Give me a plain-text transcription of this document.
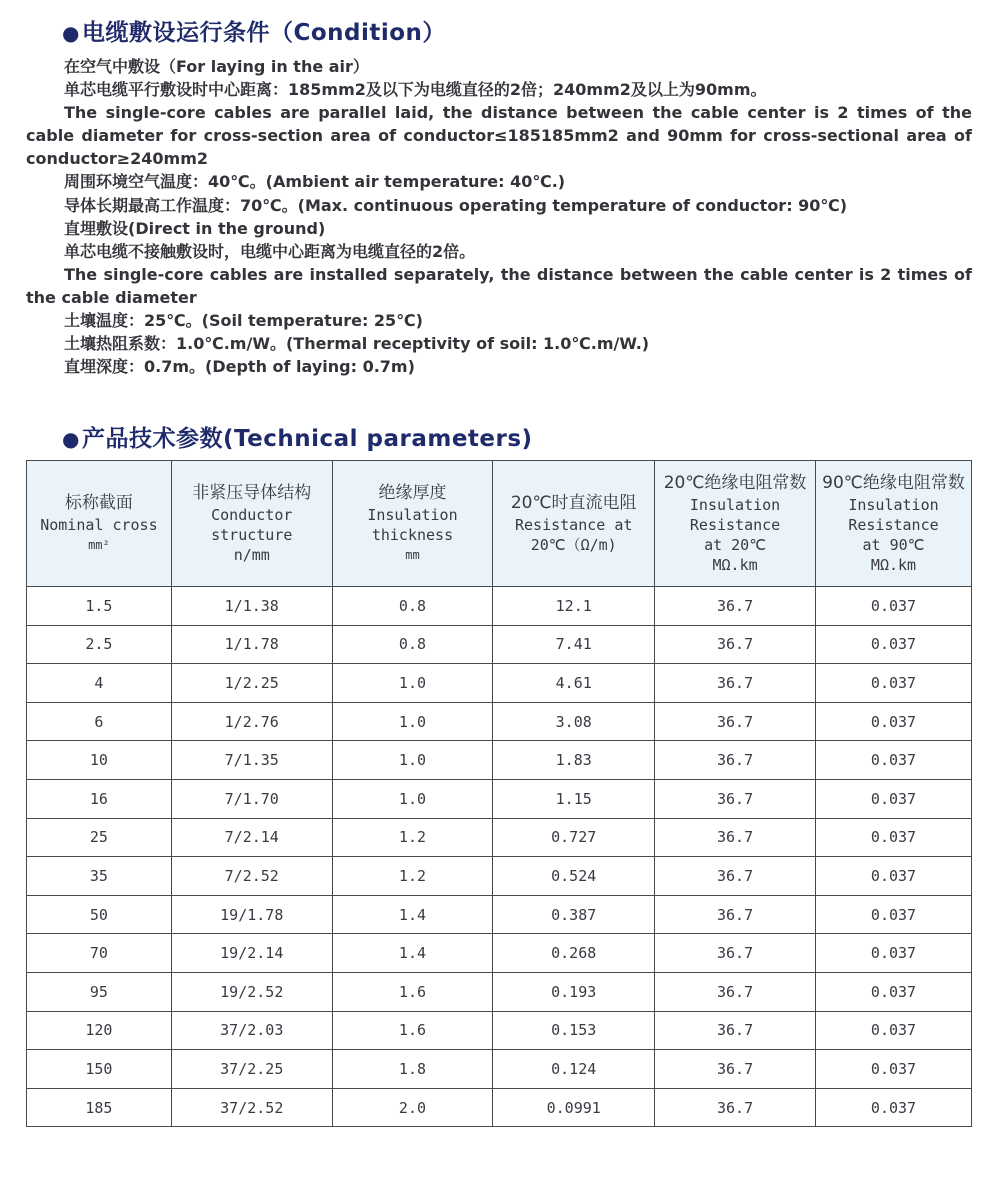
●电缆敷设运行条件（Condition）

在空气中敷设（For laying in the air）

单芯电缆平行敷设时中心距离：185mm2及以下为电缆直径的2倍；240mm2及以上为90mm。

The single-core cables are parallel laid, the distance between the cable center is 2 times of the cable diameter for cross-section area of conductor≤185185mm2 and 90mm for cross-sectional area of conductor≥240mm2

周围环境空气温度：40℃。(Ambient air temperature: 40℃.)

导体长期最高工作温度：70℃。(Max. continuous operating temperature of conductor: 90℃)

直埋敷设(Direct in the ground)

单芯电缆不接触敷设时，电缆中心距离为电缆直径的2倍。

The single-core cables are installed separately, the distance between the cable center is 2 times of the cable diameter

土壤温度：25℃。(Soil temperature: 25℃)

土壤热阻系数：1.0℃.m/W。(Thermal receptivity of soil: 1.0℃.m/W.)

直埋深度：0.7m。(Depth of laying: 0.7m)

●产品技术参数(Technical parameters)
标称截面
Nominal cross
mm²	非紧压导体结构
Conductor
structure
n/mm	绝缘厚度
Insulation
thickness
mm	20℃时直流电阻
Resistance at
20℃（Ω/m)	20℃绝缘电阻常数
Insulation
Resistance
at 20℃
MΩ.km	90℃绝缘电阻常数
Insulation
Resistance
at 90℃
MΩ.km

1.5	1/1.38	0.8	12.1	36.7	0.037
2.5	1/1.78	0.8	7.41	36.7	0.037
4	1/2.25	1.0	4.61	36.7	0.037
6	1/2.76	1.0	3.08	36.7	0.037
10	7/1.35	1.0	1.83	36.7	0.037
16	7/1.70	1.0	1.15	36.7	0.037
25	7/2.14	1.2	0.727	36.7	0.037
35	7/2.52	1.2	0.524	36.7	0.037
50	19/1.78	1.4	0.387	36.7	0.037
70	19/2.14	1.4	0.268	36.7	0.037
95	19/2.52	1.6	0.193	36.7	0.037
120	37/2.03	1.6	0.153	36.7	0.037
150	37/2.25	1.8	0.124	36.7	0.037
185	37/2.52	2.0	0.0991	36.7	0.037
